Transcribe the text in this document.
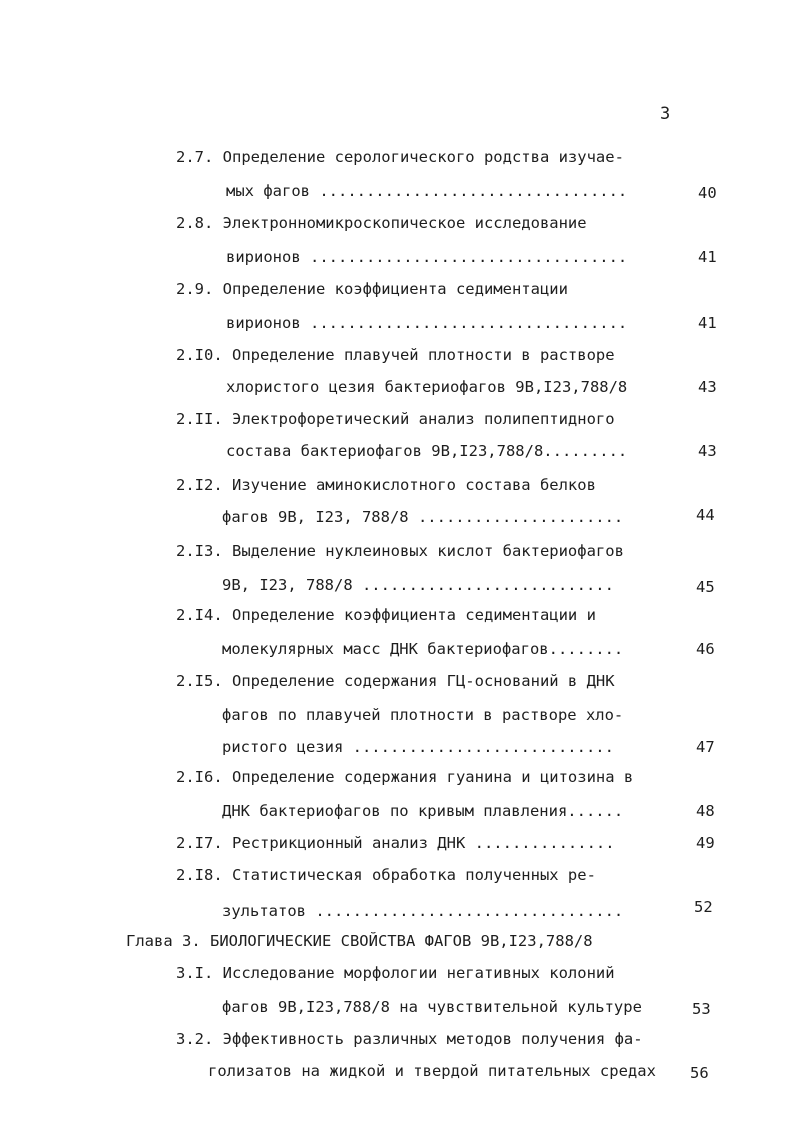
3
2.7. Определение серологического родства изучае-
мых фагов .................................	40
2.8. Электронномикроскопическое исследование
вирионов ..................................	41
2.9. Определение коэффициента седиментации
вирионов ..................................	41
2.I0. Определение плавучей плотности в растворе
хлористого цезия бактериофагов 9В,I23,788/8	43
2.II. Электрофоретический анализ полипептидного
состава бактериофагов 9В,I23,788/8.........	43
2.I2. Изучение аминокислотного состава белков
фагов 9В, I23, 788/8 ......................	44
2.I3. Выделение нуклеиновых кислот бактериофагов
9В, I23, 788/8 ...........................	45
2.I4. Определение коэффициента седиментации и
молекулярных масс ДНК бактериофагов........	46
2.I5. Определение содержания ГЦ-оснований в ДНК
фагов по плавучей плотности в растворе хло-
ристого цезия ............................	47
2.I6. Определение содержания гуанина и цитозина в
ДНК бактериофагов по кривым плавления......	48
2.I7. Рестрикционный анализ ДНК ...............	49
2.I8. Статистическая обработка полученных ре-
зультатов .................................	52
Глава 3. БИОЛОГИЧЕСКИЕ СВОЙСТВА ФАГОВ 9В,I23,788/8
3.I. Исследование морфологии негативных колоний
фагов 9В,I23,788/8 на чувствительной культуре	53
3.2. Эффективность различных методов получения фа-
голизатов на жидкой и твердой питательных средах 56
